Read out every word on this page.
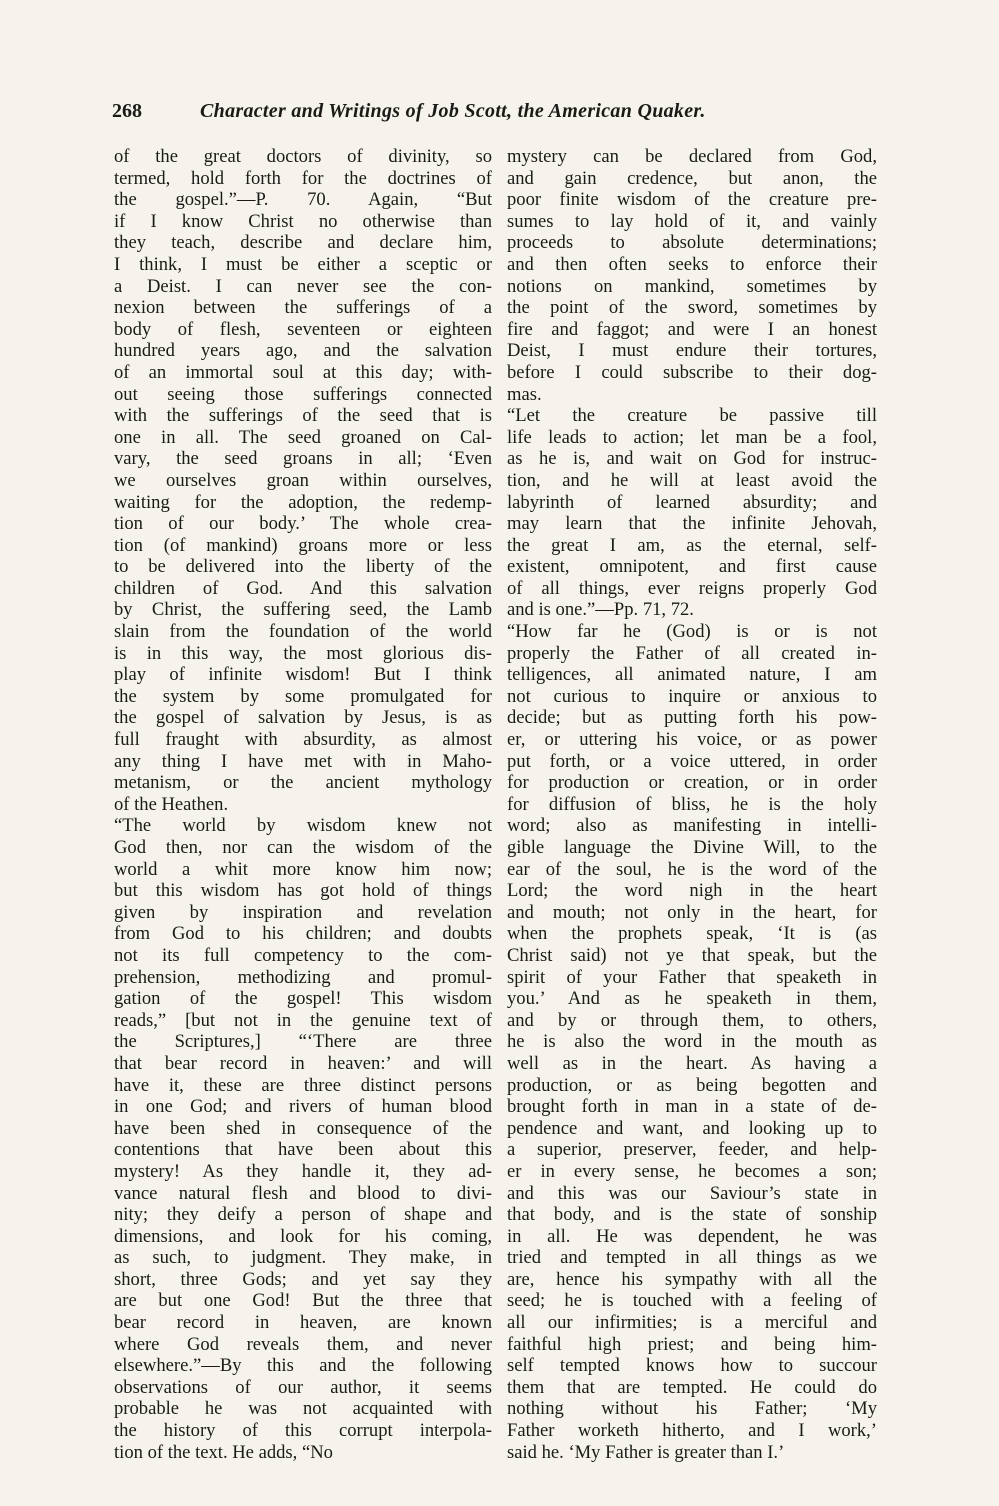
268	Character and Writings of Job Scott, the American Quaker.
of the great doctors of divinity, so
termed, hold forth for the doctrines of
the gospel.”—P. 70. Again, “But
if I know Christ no otherwise than
they teach, describe and declare him,
I think, I must be either a sceptic or
a Deist. I can never see the con-
nexion between the sufferings of a
body of flesh, seventeen or eighteen
hundred years ago, and the salvation
of an immortal soul at this day; with-
out seeing those sufferings connected
with the sufferings of the seed that is
one in all. The seed groaned on Cal-
vary, the seed groans in all; ‘Even
we ourselves groan within ourselves,
waiting for the adoption, the redemp-
tion of our body.’ The whole crea-
tion (of mankind) groans more or less
to be delivered into the liberty of the
children of God. And this salvation
by Christ, the suffering seed, the Lamb
slain from the foundation of the world
is in this way, the most glorious dis-
play of infinite wisdom! But I think
the system by some promulgated for
the gospel of salvation by Jesus, is as
full fraught with absurdity, as almost
any thing I have met with in Maho-
metanism, or the ancient mythology
of the Heathen.
“The world by wisdom knew not
God then, nor can the wisdom of the
world a whit more know him now;
but this wisdom has got hold of things
given by inspiration and revelation
from God to his children; and doubts
not its full competency to the com-
prehension, methodizing and promul-
gation of the gospel! This wisdom
reads,” [but not in the genuine text of
the Scriptures,] “‘There are three
that bear record in heaven:’ and will
have it, these are three distinct persons
in one God; and rivers of human blood
have been shed in consequence of the
contentions that have been about this
mystery! As they handle it, they ad-
vance natural flesh and blood to divi-
nity; they deify a person of shape and
dimensions, and look for his coming,
as such, to judgment. They make, in
short, three Gods; and yet say they
are but one God! But the three that
bear record in heaven, are known
where God reveals them, and never
elsewhere.”—By this and the following
observations of our author, it seems
probable he was not acquainted with
the history of this corrupt interpola-
tion of the text. He adds, “No
mystery can be declared from God,
and gain credence, but anon, the
poor finite wisdom of the creature pre-
sumes to lay hold of it, and vainly
proceeds to absolute determinations;
and then often seeks to enforce their
notions on mankind, sometimes by
the point of the sword, sometimes by
fire and faggot; and were I an honest
Deist, I must endure their tortures,
before I could subscribe to their dog-
mas.
“Let the creature be passive till
life leads to action; let man be a fool,
as he is, and wait on God for instruc-
tion, and he will at least avoid the
labyrinth of learned absurdity; and
may learn that the infinite Jehovah,
the great I am, as the eternal, self-
existent, omnipotent, and first cause
of all things, ever reigns properly God
and is one.”—Pp. 71, 72.
“How far he (God) is or is not
properly the Father of all created in-
telligences, all animated nature, I am
not curious to inquire or anxious to
decide; but as putting forth his pow-
er, or uttering his voice, or as power
put forth, or a voice uttered, in order
for production or creation, or in order
for diffusion of bliss, he is the holy
word; also as manifesting in intelli-
gible language the Divine Will, to the
ear of the soul, he is the word of the
Lord; the word nigh in the heart
and mouth; not only in the heart, for
when the prophets speak, ‘It is (as
Christ said) not ye that speak, but the
spirit of your Father that speaketh in
you.’ And as he speaketh in them,
and by or through them, to others,
he is also the word in the mouth as
well as in the heart. As having a
production, or as being begotten and
brought forth in man in a state of de-
pendence and want, and looking up to
a superior, preserver, feeder, and help-
er in every sense, he becomes a son;
and this was our Saviour’s state in
that body, and is the state of sonship
in all. He was dependent, he was
tried and tempted in all things as we
are, hence his sympathy with all the
seed; he is touched with a feeling of
all our infirmities; is a merciful and
faithful high priest; and being him-
self tempted knows how to succour
them that are tempted. He could do
nothing without his Father; ‘My
Father worketh hitherto, and I work,’
said he. ‘My Father is greater than I.’
